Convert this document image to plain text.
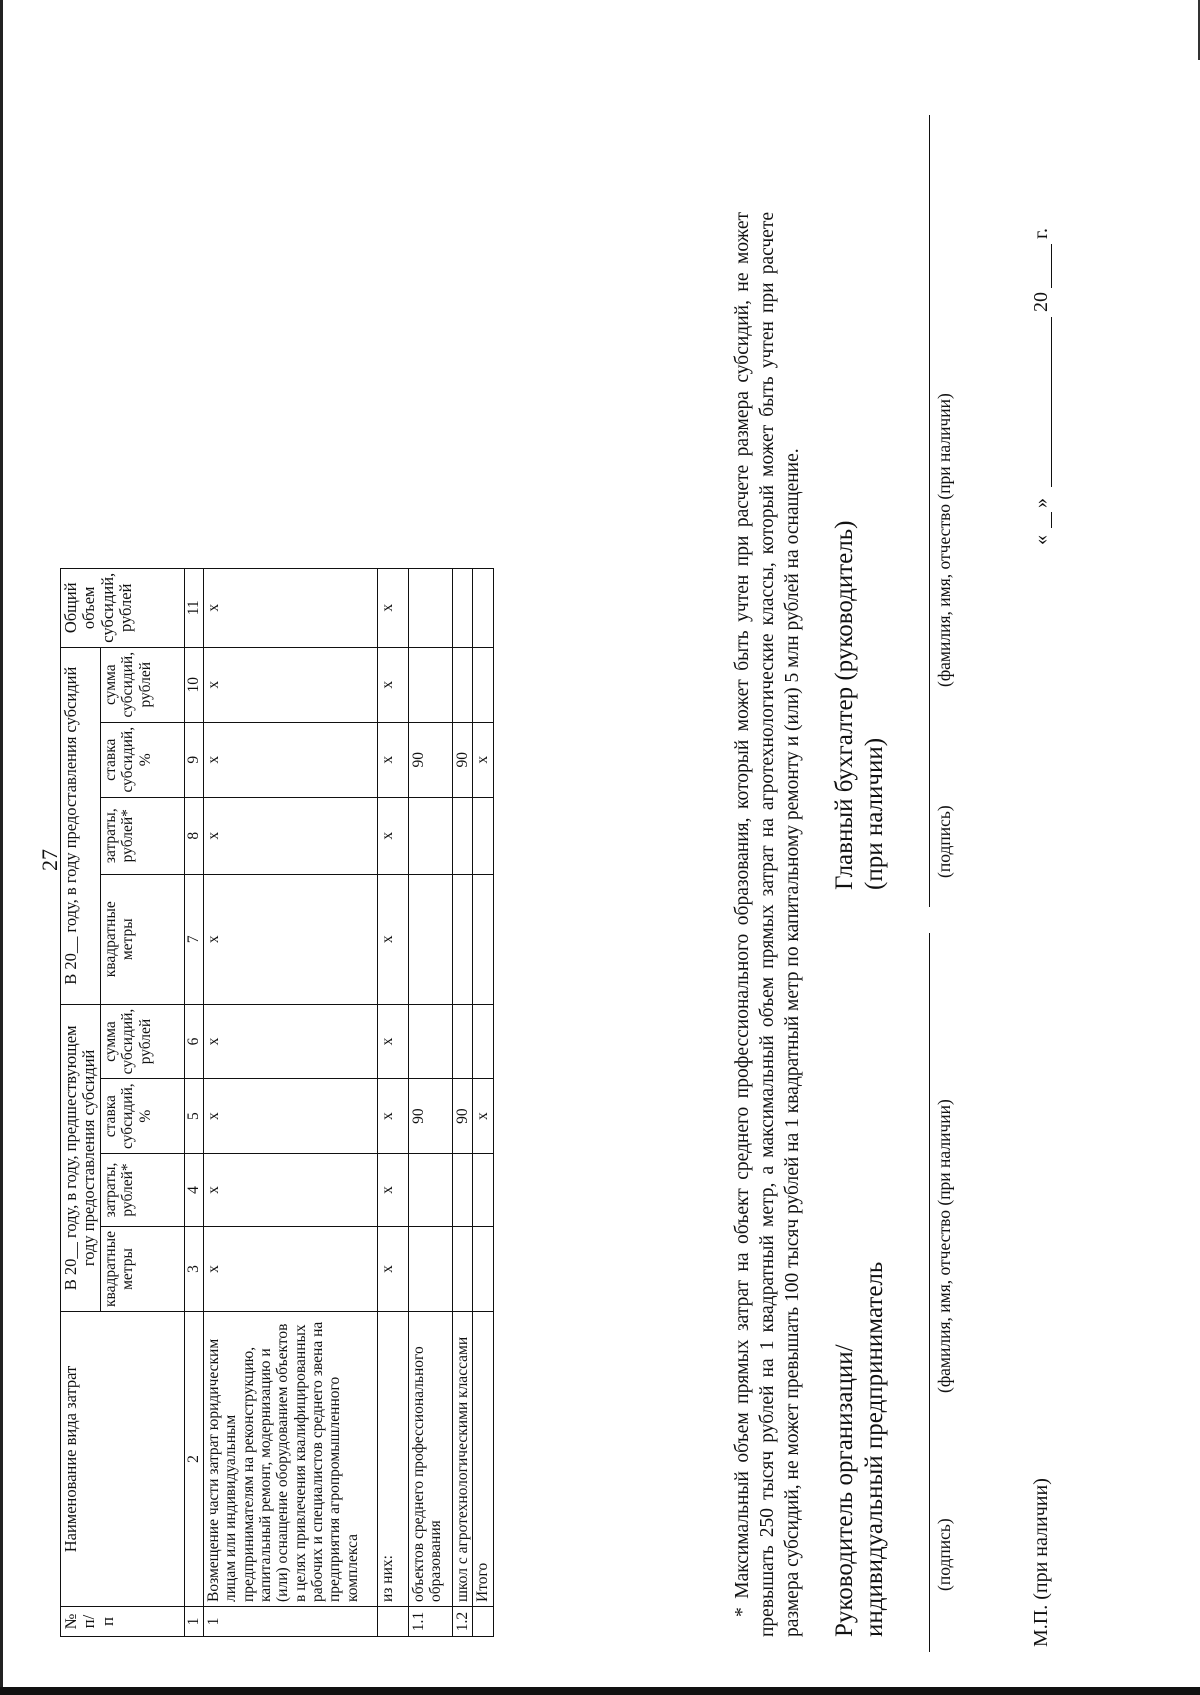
27
№ п/п	Наименование вида затрат	В 20__ году, в году, предшествующем году предоставления субсидий				В 20__ году, в году предоставления субсидий				Общий объем субсидий, рублей
		квадратные метры	затраты, рублей*	ставка субсидий, %	сумма субсидий, рублей	квадратные метры	затраты, рублей*	ставка субсидий, %	сумма субсидий, рублей	
1	2	3	4	5	6	7	8	9	10	11
1	Возмещение части затрат юридическим лицам или индивидуальным предпринимателям на реконструкцию, капитальный ремонт, модернизацию и (или) оснащение оборудованием объектов в целях привлечения квалифицированных рабочих и специалистов среднего звена на предприятия агропромышленного комплекса	х	х	х	х	х	х	х	х	х
	из них:	х	х	х	х	х	х	х	х	х
1.1	объектов среднего профессионального образования			90				90		
1.2	школ с агротехнологическими классами			90				90		
	Итого			х				х			* Максимальный объем прямых затрат на объект среднего профессионального образования, который может быть учтен при расчете размера субсидий, не может превышать 250 тысяч рублей на 1 квадратный метр, а максимальный объем прямых затрат на агротехнологические классы, который может быть учтен при расчете размера субсидий, не может превышать 100 тысяч рублей на 1 квадратный метр по капитальному ремонту и (или) 5 млн рублей на оснащение. Руководитель организации/ индивидуальный предприниматель
Главный бухгалтер (руководитель) (при наличии)
(подпись)
(фамилия, имя, отчество (при наличии)
(подпись)
(фамилия, имя, отчество (при наличии)
М.П. (при наличии)
«
»
20
г.
